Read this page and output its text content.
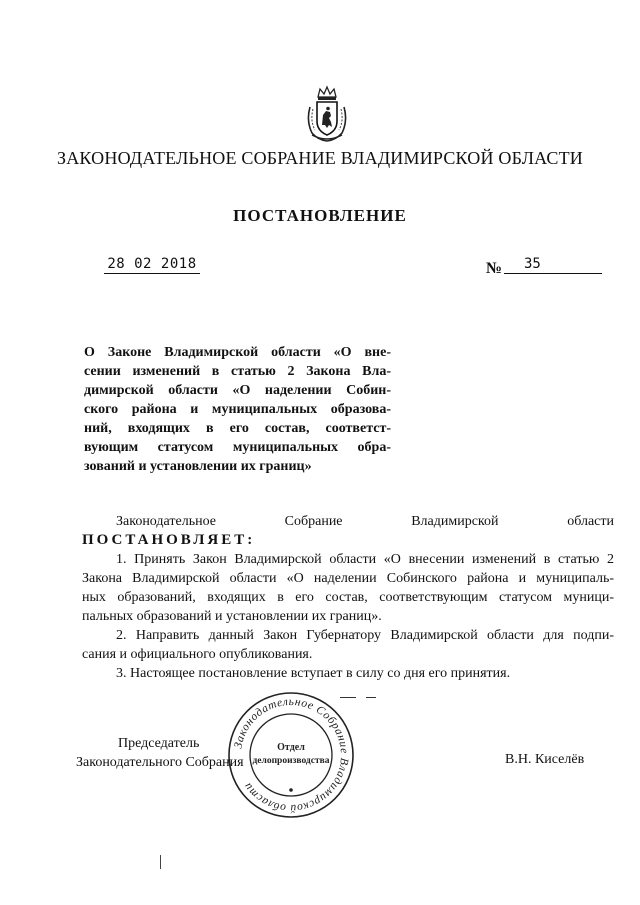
ЗАКОНОДАТЕЛЬНОЕ СОБРАНИЕ ВЛАДИМИРСКОЙ ОБЛАСТИ
ПОСТАНОВЛЕНИЕ
28 02 2018	№	35
О Законе Владимирской области «О вне-
сении изменений в статью 2 Закона Вла-
димирской области «О наделении Собин-
ского района и муниципальных образова-
ний, входящих в его состав, соответст-
вующим статусом муниципальных обра-
зований и установлении их границ»
Законодательное Собрание Владимирской области
ПОСТАНОВЛЯЕТ:
1. Принять Закон Владимирской области «О внесении изменений в статью 2
Закона Владимирской области «О наделении Собинского района и муниципаль-
ных образований, входящих в его состав, соответствующим статусом муници-
пальных образований и установлении их границ».
2. Направить данный Закон Губернатору Владимирской области для подпи-
сания и официального опубликования.
3. Настоящее постановление вступает в силу со дня его принятия.
Председатель
Законодательного Собрания
Законодательное Собрание Владимирской области
Отдел
делопроизводства	В.Н. Киселёв
